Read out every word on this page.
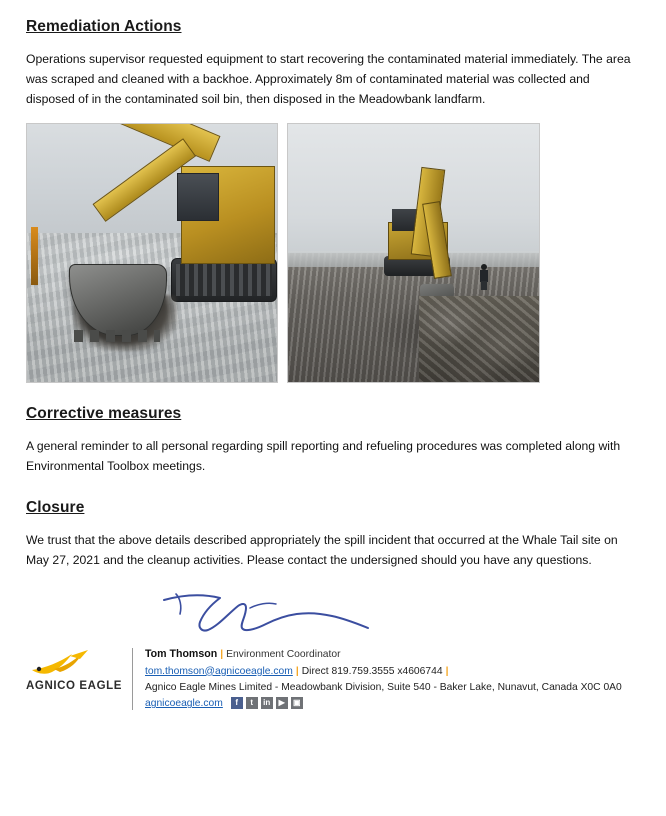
Remediation Actions

Operations supervisor requested equipment to start recovering the contaminated material immediately. The area was scraped and cleaned with a backhoe. Approximately 8m of contaminated material was collected and disposed of in the contaminated soil bin, then disposed in the Meadowbank landfarm.

Corrective measures

A general reminder to all personal regarding spill reporting and refueling procedures was completed along with Environmental Toolbox meetings.

Closure

We trust that the above details described appropriately the spill incident that occurred at the Whale Tail site on May 27, 2021 and the cleanup activities. Please contact the undersigned should you have any questions.

AGNICO EAGLE
Tom Thomson | Environment Coordinator
tom.thomson@agnicoeagle.com | Direct 819.759.3555 x4606744 |
Agnico Eagle Mines Limited - Meadowbank Division, Suite 540 - Baker Lake, Nunavut, Canada X0C 0A0
agnicoeagle.com	f	t	in	▶	▣
